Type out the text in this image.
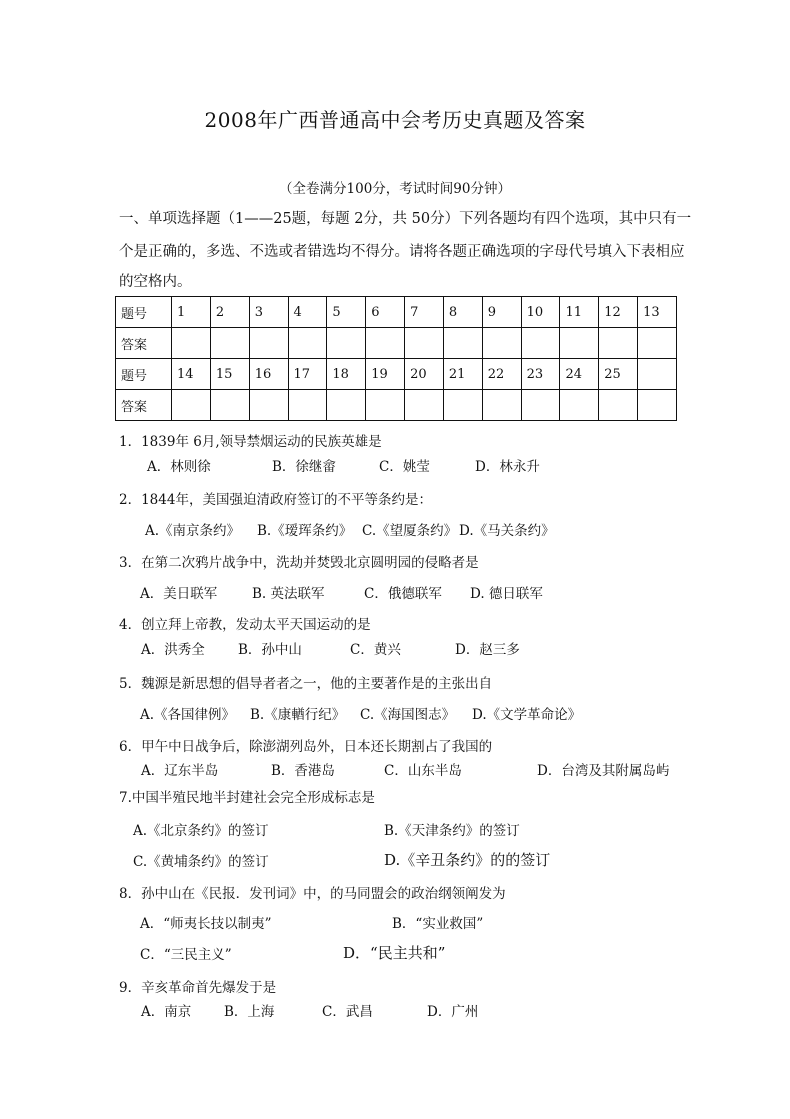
2008年广西普通高中会考历史真题及答案
（全卷满分100分，考试时间90分钟）
一、单项选择题（1——25题，每题 2分，共 50分）下列各题均有四个选项，其中只有一
个是正确的，多选、不选或者错选均不得分。请将各题正确选项的字母代号填入下表相应
的空格内。
题号	1	2	3	4	5	6	7	8	9	10	11	12	13
答案													
题号	14	15	16	17	18	19	20	21	22	23	24	25	
答案													
1．1839年 6月,领导禁烟运动的民族英雄是
A．林则徐	B．徐继畲	C．姚莹	D．林永升
2．1844年，美国强迫清政府签订的不平等条约是：
A.《南京条约》 B.《瑷珲条约》 C.《望厦条约》 D.《马关条约》
3．在第二次鸦片战争中，洗劫并焚毁北京圆明园的侵略者是
A．美日联军	B. 英法联军	C．俄德联军 D. 德日联军
4．创立拜上帝教，发动太平天国运动的是
A．洪秀全 B．孙中山	C．黄兴	D．赵三多
5．魏源是新思想的倡导者者之一，他的主要著作是的主张出自
A.《各国律例》 B.《康輶行纪》 C.《海国图志》 D.《文学革命论》
6．甲午中日战争后，除澎湖列岛外，日本还长期割占了我国的
A．辽东半岛	B．香港岛	C．山东半岛	D．台湾及其附属岛屿
7.中国半殖民地半封建社会完全形成标志是
A.《北京条约》的签订	B.《天津条约》的签订
C.《黄埔条约》的签订	D.《辛丑条约》的的签订
8．孙中山在《民报．发刊词》中，的马同盟会的政治纲领阐发为
A．“师夷长技以制夷”	B．“实业救国”
C．“三民主义”	D．“民主共和”
9．辛亥革命首先爆发于是
A．南京 B．上海	C．武昌	D．广州
